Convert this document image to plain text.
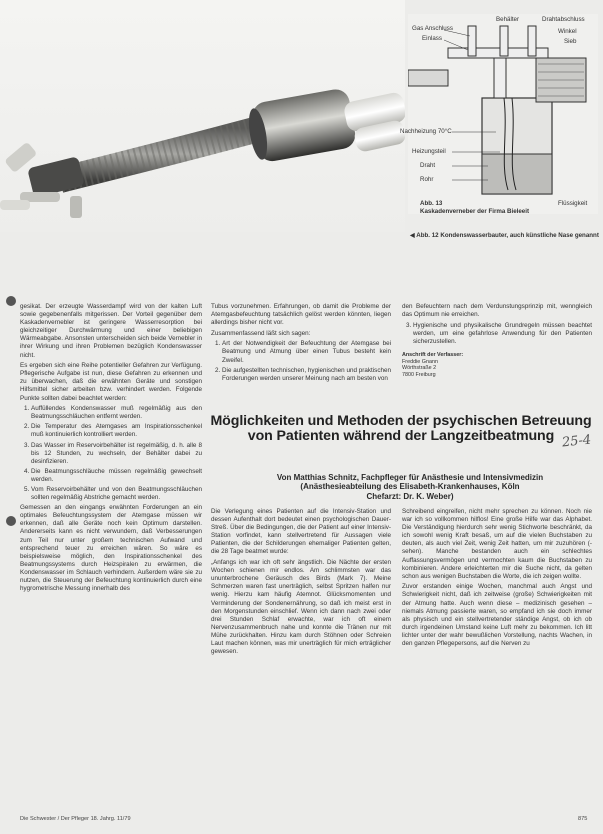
Gas Anschluss
Einlass
Behälter	Drahtabschluss
Winkel
Sieb
Nachheizung 70°C
Heizungsteil
Draht
Rohr
Flüssigkeit
Abb. 13
Kaskadenverneber der Firma Bieleeit
◀ Abb. 12 Kondenswasserbauter, auch künstliche Nase genannt

gesikat. Der erzeugte Wasserdampf wird von der kalten Luft sowie gegebenenfalls mitgerissen. Der Vorteil gegenüber dem Kaskadenvernebler ist geringere Wasserresorption bei gleichzeitiger Durchwärmung und einer beliebigen Wärmeabgabe. Ansonsten unterscheiden sich beide Vernebler in ihrer Wirkung und ihren Problemen bezüglich Kondenswasser nicht.

Es ergeben sich eine Reihe potentieller Gefahren zur Verfügung. Pflegerische Aufgabe ist nun, diese Gefahren zu erkennen und zu überwachen, daß die erwähnten Geräte und sonstigen Hilfsmittel sicher arbeiten bzw. verhindert werden. Folgende Punkte sollten dabei beachtet werden:

1. Auffüllendes Kondenswasser muß regelmäßig aus den Beatmungsschläuchen entfernt werden.
2. Die Temperatur des Atemgases am Inspirationsschenkel muß kontinuierlich kontrolliert werden.
3. Das Wasser im Reservoirbehälter ist regelmäßig, d. h. alle 8 bis 12 Stunden, zu wechseln, der Behälter dabei zu desinfizieren.
4. Die Beatmungsschläuche müssen regelmäßig gewechselt werden.
5. Vom Reservoirbehälter und von den Beatmungsschläuchen sollten regelmäßig Abstriche gemacht werden.

Gemessen an den eingangs erwähnten Forderungen an ein optimales Befeuchtungssystem der Atemgase müssen wir erkennen, daß alle Geräte noch kein Optimum darstellen. Andererseits kann es nicht verwundern, daß Verbesserungen zum Teil nur unter großem technischen Aufwand und entsprechend teuer zu erreichen wären. So wäre es beispielsweise möglich, den Inspirationsschenkel des Beatmungssystems durch Heizspiralen zu erwärmen, die Kondenswasser im Schlauch verhindern. Außerdem wäre sie zu nutzen, die Steuerung der Befeuchtung kontinuierlich durch eine hygrometrische Messung innerhalb des

Tubus vorzunehmen. Erfahrungen, ob damit die Probleme der Atemgasbefeuchtung tatsächlich gelöst werden könnten, liegen allerdings bisher nicht vor.

Zusammenfassend läßt sich sagen:

1. Art der Notwendigkeit der Befeuchtung der Atemgase bei Beatmung und Atmung über einen Tubus besteht kein Zweifel.
2. Die aufgestellten technischen, hygienischen und praktischen Forderungen werden unserer Meinung nach am besten von

den Befeuchtern nach dem Verdunstungsprinzip mit, wenngleich das Optimum nie erreichen.

3. Hygienische und physikalische Grundregeln müssen beachtet werden, um eine gefahrlose Anwendung für den Patienten sicherzustellen.
Anschrift der Verfasser:
Freddie Gnann
Wörthstraße 2
7800 Freiburg
Möglichkeiten und Methoden der psychischen Betreuung von Patienten während der Langzeitbeatmung 25-4
Von Matthias Schnitz, Fachpfleger für Anästhesie und Intensivmedizin
(Anästhesieabteilung des Elisabeth-Krankenhauses, Köln
Chefarzt: Dr. K. Weber)

Die Verlegung eines Patienten auf die Intensiv-Station und dessen Aufenthalt dort bedeutet einen psychologischen Dauer-Streß. Über die Bedingungen, die der Patient auf einer Intensiv-Station vorfindet, kann stellvertretend für Aussagen viele Patienten, die der Schilderungen ehemaliger Patienten gelten, die 28 Tage beatmet wurde:

„Anfangs ich war ich oft sehr ängstlich. Die Nächte der ersten Wochen schienen mir endlos. Am schlimmsten war das ununterbrochene Geräusch des Birds (Mark 7). Meine Schmerzen waren fast unerträglich, selbst Spritzen halfen nur wenig. Hierzu kam häufig Atemnot. Glücksmomenten und Verminderung der Sondenernährung, so daß ich meist erst in den Morgenstunden einschlief. Wenn ich dann nach zwei oder drei Stunden Schlaf erwachte, war ich oft einem Nervenzusammenbruch nahe und konnte die Tränen nur mit Mühe zurückhalten. Hinzu kam durch Stöhnen oder Schreien Laut machen können, was mir unerträglich für mich erträglicher gewesen.

Schreibend eingreifen, nicht mehr sprechen zu können. Noch nie war ich so vollkommen hilflos! Eine große Hilfe war das Alphabet. Die Verständigung hierdurch sehr wenig Stichworte beschränkt, da ich sowohl wenig Kraft besaß, um auf die vielen Buchstaben zu deuten, als auch viel Zeit, wenig Zeit hatten, um mir zuzuhören (-sehen). Manche bestanden auch ein schlechtes Auffassungsvermögen und vermochten kaum die Buchstaben zu kombinieren. Andere erleichterten mir die Suche nicht, da gelten schon aus wenigen Buchstaben die Worte, die ich zeigen wollte.

Zuvor erstanden einige Wochen, manchmal auch Angst und Schwierigkeit nicht, daß ich zeitweise (große) Schwierigkeiten mit der Atmung hatte. Auch wenn diese – medizinisch gesehen – niemals Atmung passierte waren, so empfand ich sie doch immer als physisch und ein stellvertretender ständige Angst, ob ich ob durch irgendeinen Umstand keine Luft mehr zu bekommen. Ich litt lichter unter der wahr bewußlichen Vorstellung, nachts Wachen, in den ganzen Pflegepersons, auf die Nerven zu

Die Schwester / Der Pfleger 18. Jahrg. 11/79	875
